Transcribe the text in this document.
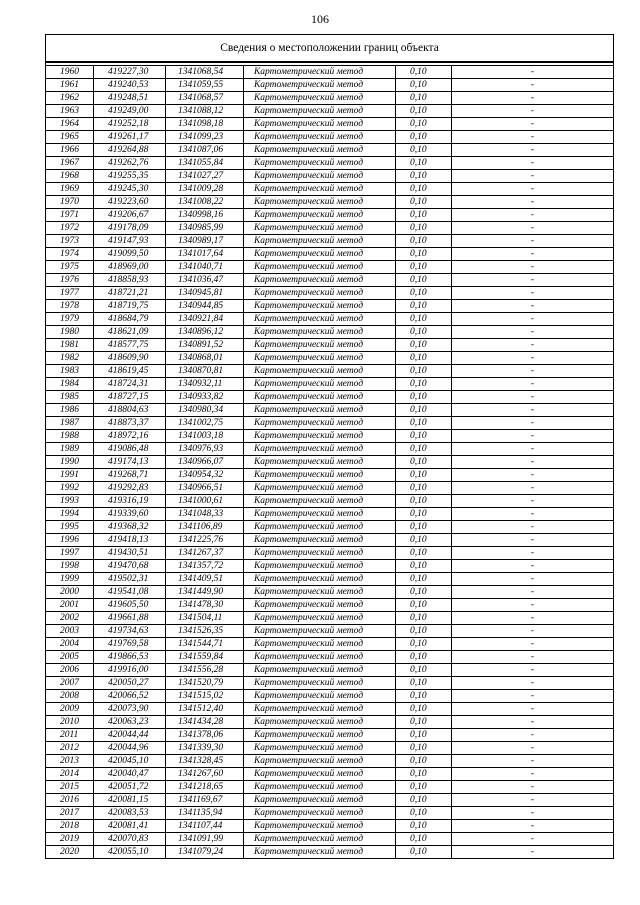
106
Сведения о местоположении границ объекта					

1960	419227,30	1341068,54	Картометрический метод	0,10	-
1961	419240,53	1341059,55	Картометрический метод	0,10	-
1962	419248,51	1341068,57	Картометрический метод	0,10	-
1963	419249,00	1341088,12	Картометрический метод	0,10	-
1964	419252,18	1341098,18	Картометрический метод	0,10	-
1965	419261,17	1341099,23	Картометрический метод	0,10	-
1966	419264,88	1341087,06	Картометрический метод	0,10	-
1967	419262,76	1341055,84	Картометрический метод	0,10	-
1968	419255,35	1341027,27	Картометрический метод	0,10	-
1969	419245,30	1341009,28	Картометрический метод	0,10	-
1970	419223,60	1341008,22	Картометрический метод	0,10	-
1971	419206,67	1340998,16	Картометрический метод	0,10	-
1972	419178,09	1340985,99	Картометрический метод	0,10	-
1973	419147,93	1340989,17	Картометрический метод	0,10	-
1974	419099,50	1341017,64	Картометрический метод	0,10	-
1975	418969,00	1341040,71	Картометрический метод	0,10	-
1976	418858,93	1341036,47	Картометрический метод	0,10	-
1977	418721,21	1340945,81	Картометрический метод	0,10	-
1978	418719,75	1340944,85	Картометрический метод	0,10	-
1979	418684,79	1340921,84	Картометрический метод	0,10	-
1980	418621,09	1340896,12	Картометрический метод	0,10	-
1981	418577,75	1340891,52	Картометрический метод	0,10	-
1982	418609,90	1340868,01	Картометрический метод	0,10	-
1983	418619,45	1340870,81	Картометрический метод	0,10	-
1984	418724,31	1340932,11	Картометрический метод	0,10	-
1985	418727,15	1340933,82	Картометрический метод	0,10	-
1986	418804,63	1340980,34	Картометрический метод	0,10	-
1987	418873,37	1341002,75	Картометрический метод	0,10	-
1988	418972,16	1341003,18	Картометрический метод	0,10	-
1989	419086,48	1340976,93	Картометрический метод	0,10	-
1990	419174,13	1340966,07	Картометрический метод	0,10	-
1991	419268,71	1340954,32	Картометрический метод	0,10	-
1992	419292,83	1340966,51	Картометрический метод	0,10	-
1993	419316,19	1341000,61	Картометрический метод	0,10	-
1994	419339,60	1341048,33	Картометрический метод	0,10	-
1995	419368,32	1341106,89	Картометрический метод	0,10	-
1996	419418,13	1341225,76	Картометрический метод	0,10	-
1997	419430,51	1341267,37	Картометрический метод	0,10	-
1998	419470,68	1341357,72	Картометрический метод	0,10	-
1999	419502,31	1341409,51	Картометрический метод	0,10	-
2000	419541,08	1341449,90	Картометрический метод	0,10	-
2001	419605,50	1341478,30	Картометрический метод	0,10	-
2002	419661,88	1341504,11	Картометрический метод	0,10	-
2003	419734,63	1341526,35	Картометрический метод	0,10	-
2004	419769,58	1341544,71	Картометрический метод	0,10	-
2005	419866,53	1341559,84	Картометрический метод	0,10	-
2006	419916,00	1341556,28	Картометрический метод	0,10	-
2007	420050,27	1341520,79	Картометрический метод	0,10	-
2008	420066,52	1341515,02	Картометрический метод	0,10	-
2009	420073,90	1341512,40	Картометрический метод	0,10	-
2010	420063,23	1341434,28	Картометрический метод	0,10	-
2011	420044,44	1341378,06	Картометрический метод	0,10	-
2012	420044,96	1341339,30	Картометрический метод	0,10	-
2013	420045,10	1341328,45	Картометрический метод	0,10	-
2014	420040,47	1341267,60	Картометрический метод	0,10	-
2015	420051,72	1341218,65	Картометрический метод	0,10	-
2016	420081,15	1341169,67	Картометрический метод	0,10	-
2017	420083,53	1341135,94	Картометрический метод	0,10	-
2018	420081,41	1341107,44	Картометрический метод	0,10	-
2019	420070,83	1341091,99	Картометрический метод	0,10	-
2020	420055,10	1341079,24	Картометрический метод	0,10	-
